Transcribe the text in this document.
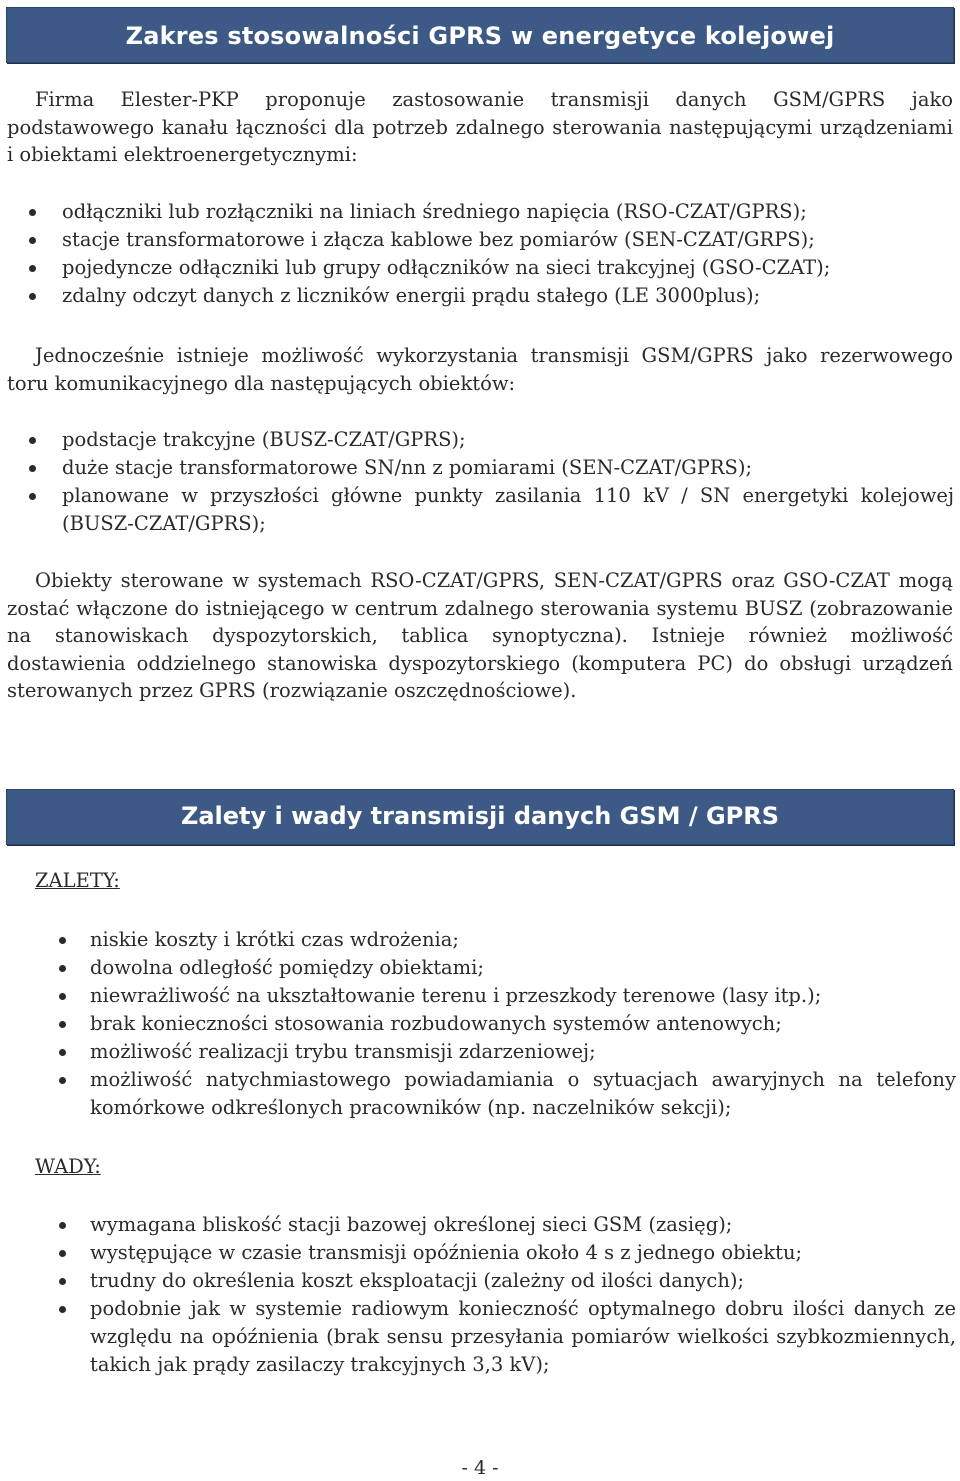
Zakres stosowalności GPRS w energetyce kolejowej
Firma Elester-PKP proponuje zastosowanie transmisji danych GSM/GPRS jako podstawowego kanału łączności dla potrzeb zdalnego sterowania następującymi urządzeniami i obiektami elektroenergetycznymi:
odłączniki lub rozłączniki na liniach średniego napięcia (RSO-CZAT/GPRS);
stacje transformatorowe i złącza kablowe bez pomiarów (SEN-CZAT/GRPS);
pojedyncze odłączniki lub grupy odłączników na sieci trakcyjnej (GSO-CZAT);
zdalny odczyt danych z liczników energii prądu stałego (LE 3000plus);
Jednocześnie istnieje możliwość wykorzystania transmisji GSM/GPRS jako rezerwowego toru komunikacyjnego dla następujących obiektów:
podstacje trakcyjne (BUSZ-CZAT/GPRS);
duże stacje transformatorowe SN/nn z pomiarami (SEN-CZAT/GPRS);
planowane w przyszłości główne punkty zasilania 110 kV / SN energetyki kolejowej (BUSZ-CZAT/GPRS);
Obiekty sterowane w systemach RSO-CZAT/GPRS, SEN-CZAT/GPRS oraz GSO-CZAT mogą zostać włączone do istniejącego w centrum zdalnego sterowania systemu BUSZ (zobrazowanie na stanowiskach dyspozytorskich, tablica synoptyczna). Istnieje również możliwość dostawienia oddzielnego stanowiska dyspozytorskiego (komputera PC) do obsługi urządzeń sterowanych przez GPRS (rozwiązanie oszczędnościowe).
Zalety i wady transmisji danych GSM / GPRS
ZALETY:
niskie koszty i krótki czas wdrożenia;
dowolna odległość pomiędzy obiektami;
niewrażliwość na ukształtowanie terenu i przeszkody terenowe (lasy itp.);
brak konieczności stosowania rozbudowanych systemów antenowych;
możliwość realizacji trybu transmisji zdarzeniowej;
możliwość natychmiastowego powiadamiania o sytuacjach awaryjnych na telefony komórkowe odkreślonych pracowników (np. naczelników sekcji);
WADY:
wymagana bliskość stacji bazowej określonej sieci GSM (zasięg);
występujące w czasie transmisji opóźnienia około 4 s z jednego obiektu;
trudny do określenia koszt eksploatacji (zależny od ilości danych);
podobnie jak w systemie radiowym konieczność optymalnego dobru ilości danych ze względu na opóźnienia (brak sensu przesyłania pomiarów wielkości szybkozmiennych, takich jak prądy zasilaczy trakcyjnych 3,3 kV);
- 4 -
